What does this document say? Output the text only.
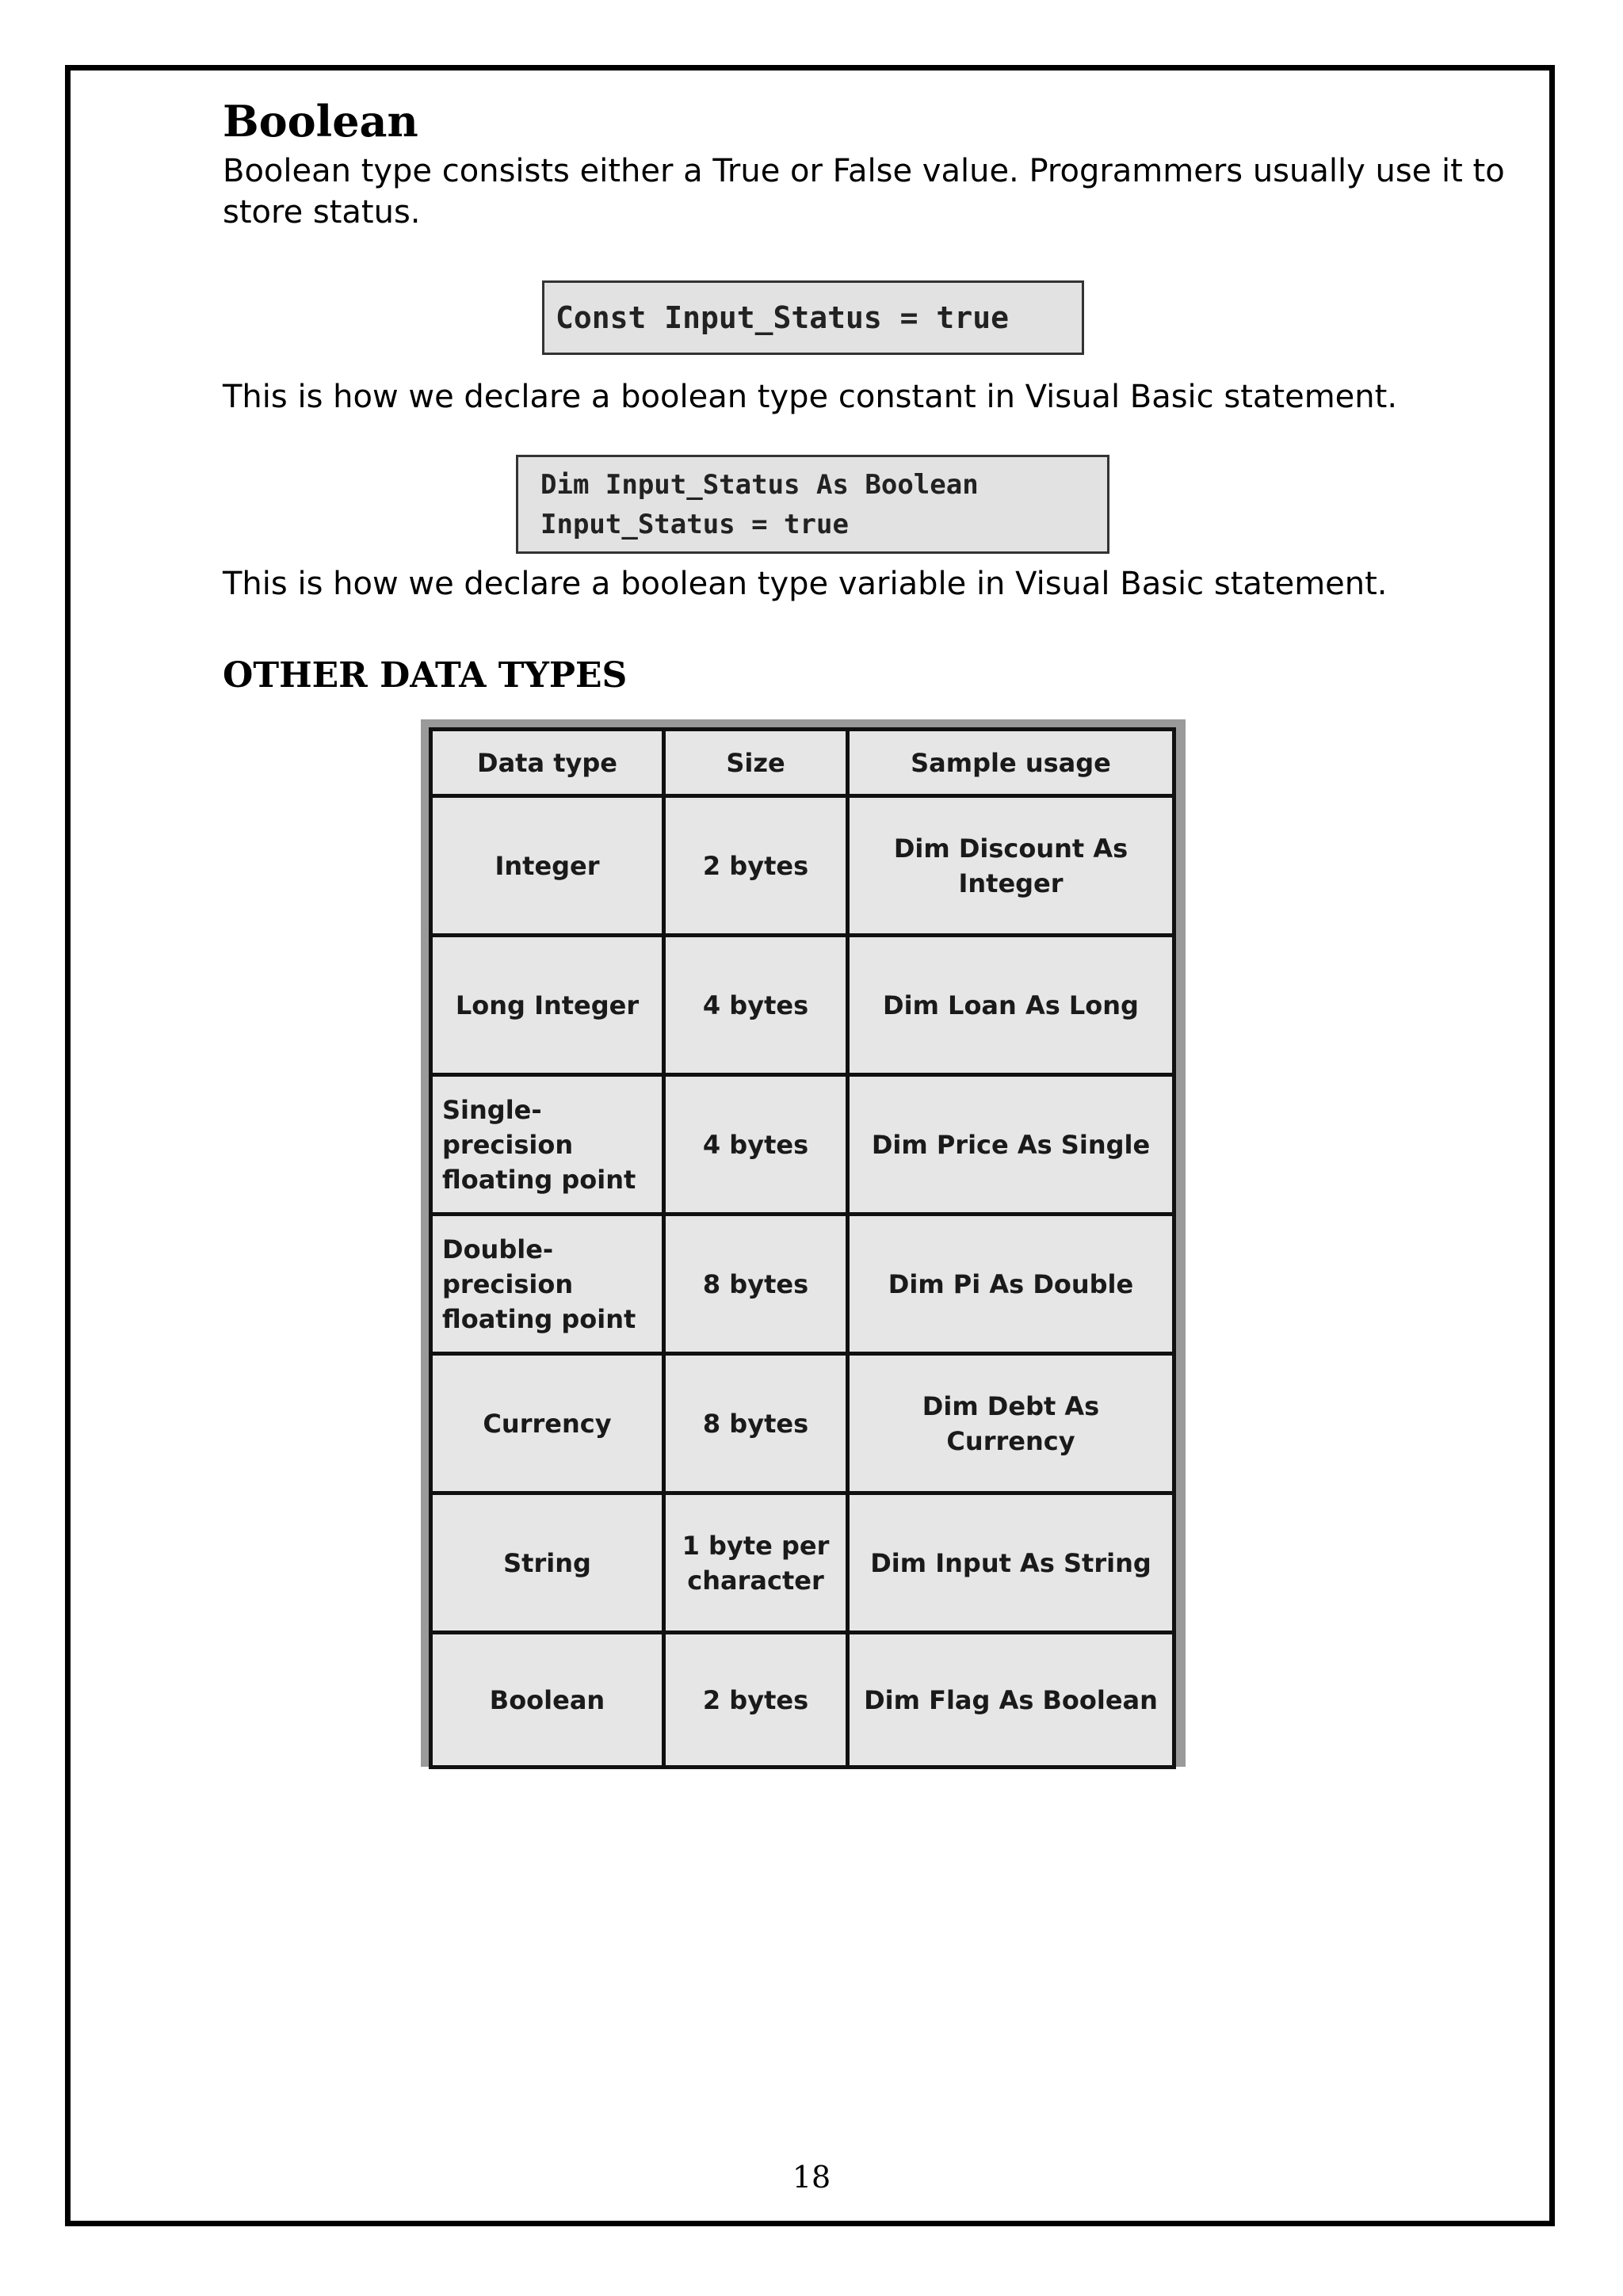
Boolean

Boolean type consists either a True or False value. Programmers usually use it to store status.

Const Input_Status = true

This is how we declare a boolean type constant in Visual Basic statement.

Dim Input_Status As Boolean
Input_Status = true

This is how we declare a boolean type variable in Visual Basic statement.

OTHER DATA TYPES
Data type	Size	Sample usage
Integer	2 bytes	Dim Discount As Integer
Long Integer	4 bytes	Dim Loan As Long
Single-precision floating point	4 bytes	Dim Price As Single
Double-precision floating point	8 bytes	Dim Pi As Double
Currency	8 bytes	Dim Debt As Currency
String	1 byte per character	Dim Input As String
Boolean	2 bytes	Dim Flag As Boolean

18
